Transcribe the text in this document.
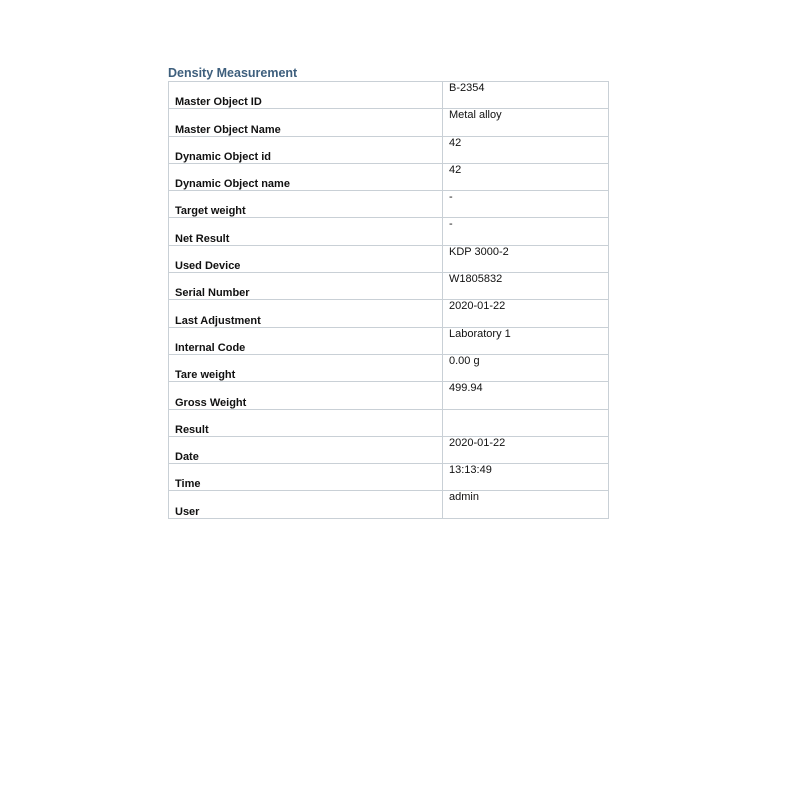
Density Measurement
Master Object ID	B-2354
Master Object Name	Metal alloy
Dynamic Object id	42
Dynamic Object name	42
Target weight	-
Net Result	-
Used Device	KDP 3000-2
Serial Number	W1805832
Last Adjustment	2020-01-22
Internal Code	Laboratory 1
Tare weight	0.00 g
Gross Weight	499.94
Result	
Date	2020-01-22
Time	13:13:49
User	admin
